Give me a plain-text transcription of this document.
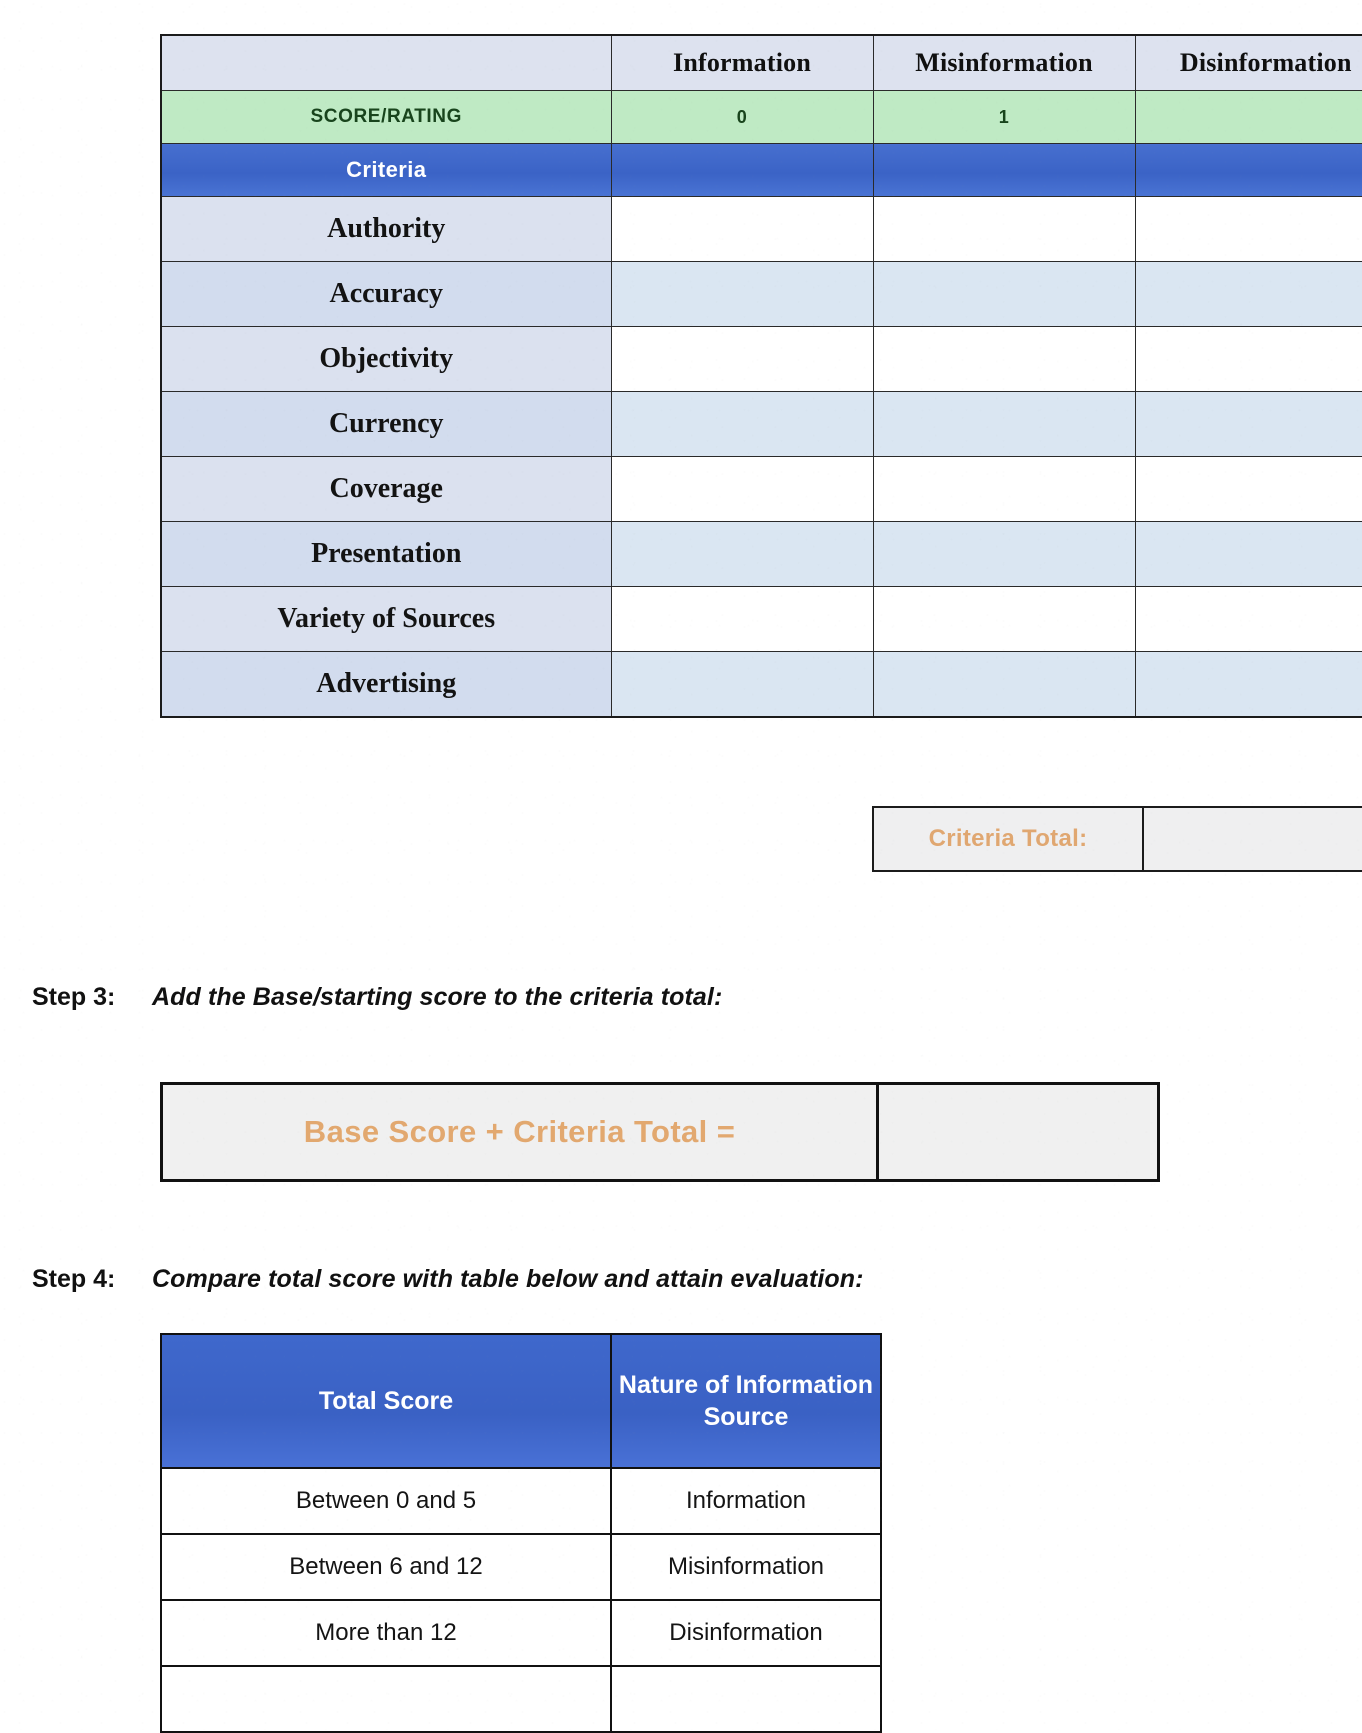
	Information	Misinformation	Disinformation
SCORE/RATING	0	1	
Criteria			
Authority			
Accuracy			
Objectivity			
Currency			
Coverage			
Presentation			
Variety of Sources			
Advertising			
Criteria Total:
Step 3:	Add the Base/starting score to the criteria total:
Base Score + Criteria Total =
Step 4:	Compare total score with table below and attain evaluation:
Total Score	Nature of Information Source
Between 0 and 5	Information
Between 6 and 12	Misinformation
More than 12	Disinformation
